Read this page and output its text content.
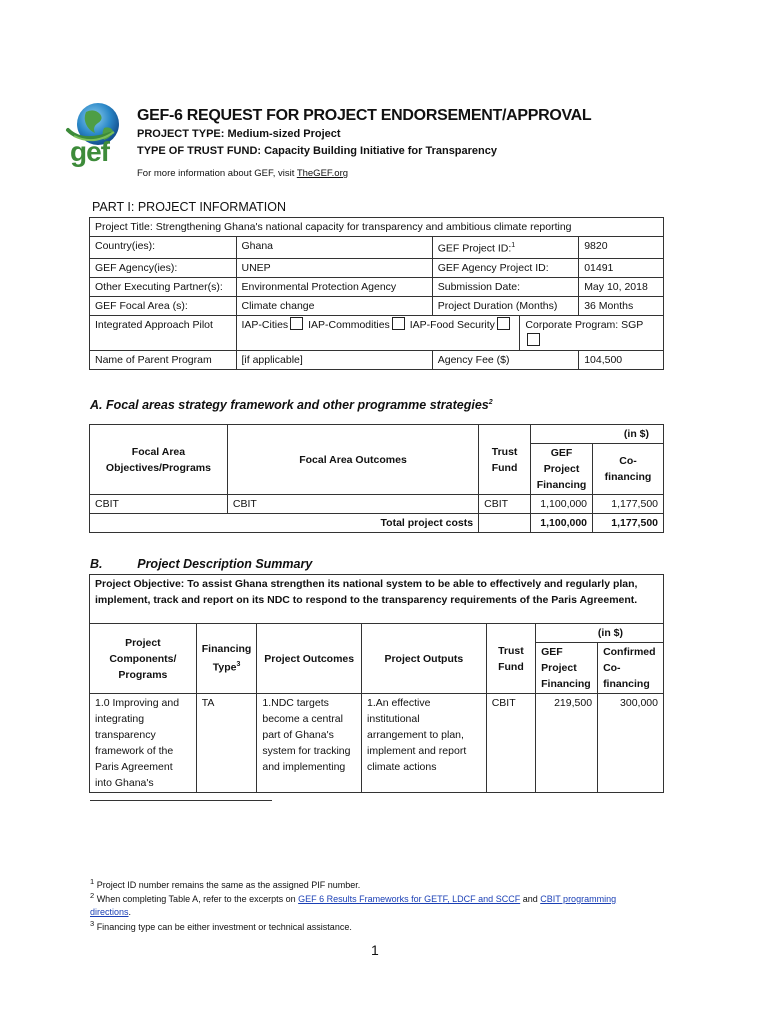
gef
GEF-6 REQUEST FOR PROJECT ENDORSEMENT/APPROVAL
PROJECT TYPE: Medium-sized Project
TYPE OF TRUST FUND: Capacity Building Initiative for Transparency
For more information about GEF, visit TheGEF.org
PART I: PROJECT INFORMATION
Project Title: Strengthening Ghana's national capacity for transparency and ambitious climate reporting				
Country(ies):	Ghana	GEF Project ID:$^1$		9820
GEF Agency(ies):	UNEP	GEF Agency Project ID:		01491
Other Executing Partner(s):	Environmental Protection Agency	Submission Date:		May 10, 2018
GEF Focal Area (s):	Climate change	Project Duration (Months)		36 Months
Integrated Approach Pilot	IAP-Cities IAP-Commodities IAP-Food Security		Corporate Program: SGP	

Name of Parent Program	[if applicable]	Agency Fee ($)		104,500
A. Focal areas strategy framework and other programme strategies$^2$
Focal Area Objectives/Programs	Focal Area Outcomes	Trust Fund	(in $)	
			GEF Project Financing	Co-financing
CBIT	CBIT	CBIT	1,100,000	1,177,500
Total project costs			1,100,000	1,177,500
B.          Project Description Summary
Project Objective: To assist Ghana strengthen its national system to be able to effectively and regularly plan, implement, track and report on its NDC to respond to the transparency requirements of the Paris Agreement.						
Project Components/ Programs	Financing Type$^3$	Project Outcomes	Project Outputs	Trust Fund	(in $)	
					GEF Project Financing	Confirmed Co-financing
1.0 Improving and integrating transparency framework of the Paris Agreement into Ghana's	TA	1.NDC targets become a central part of Ghana's system for tracking and implementing	1.An effective institutional arrangement to plan, implement and report climate actions	CBIT	219,500	300,000
$^1$ Project ID number remains the same as the assigned PIF number.
$^2$ When completing Table A, refer to the excerpts on GEF 6 Results Frameworks for GETF, LDCF and SCCF and CBIT programming directions.
$^3$ Financing type can be either investment or technical assistance.
1
